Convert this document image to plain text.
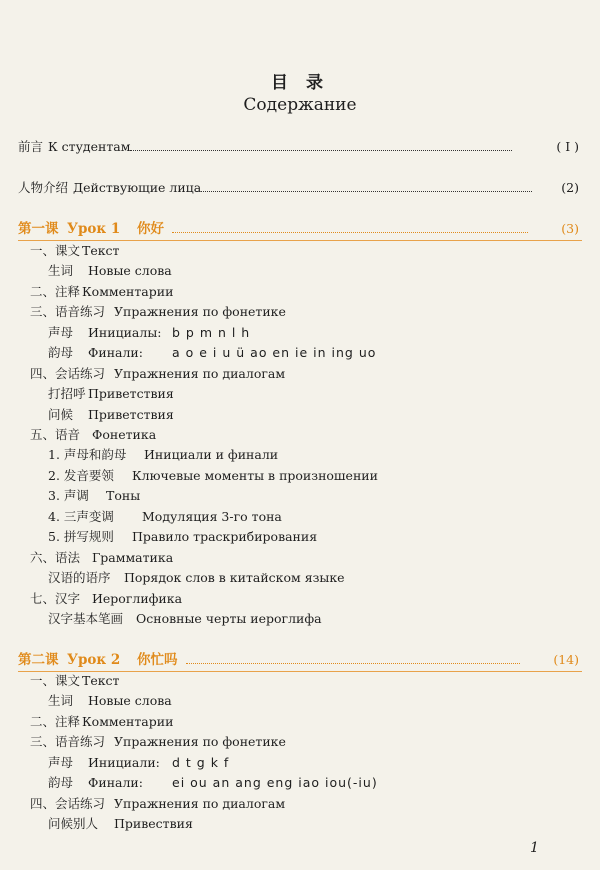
目 录
Содержание
前言 К студентам	( I )
人物介绍 Действующие лица	(2)
第一课 Урок 1 你好	(3)
一、课文 Текст
生词 Новые слова
二、注释 Комментарии
三、语音练习 Упражнения по фонетике
声母 Инициалы: b p m n l h
韵母 Финали: a o e i u ü ao en ie in ing uo
四、会话练习 Упражнения по диалогам
打招呼 Приветствия
问候 Приветствия
五、语音 Фонетика
1. 声母和韵母 Инициали и финали
2. 发音要领 Ключевые моменты в произношении
3. 声调 Тоны
4. 三声变调 Модуляция 3-го тона
5. 拼写规则 Правило траскрибирования
六、语法 Грамматика
汉语的语序 Порядок слов в китайском языке
七、汉字 Иероглифика
汉字基本笔画 Основные черты иероглифа
第二课 Урок 2 你忙吗	(14)
一、课文 Текст
生词 Новые слова
二、注释 Комментарии
三、语音练习 Упражнения по фонетике
声母 Инициали: d t g k f
韵母 Финали: ei ou an ang eng iao iou(-iu)
四、会话练习 Упражнения по диалогам
问候别人 Привествия
1
